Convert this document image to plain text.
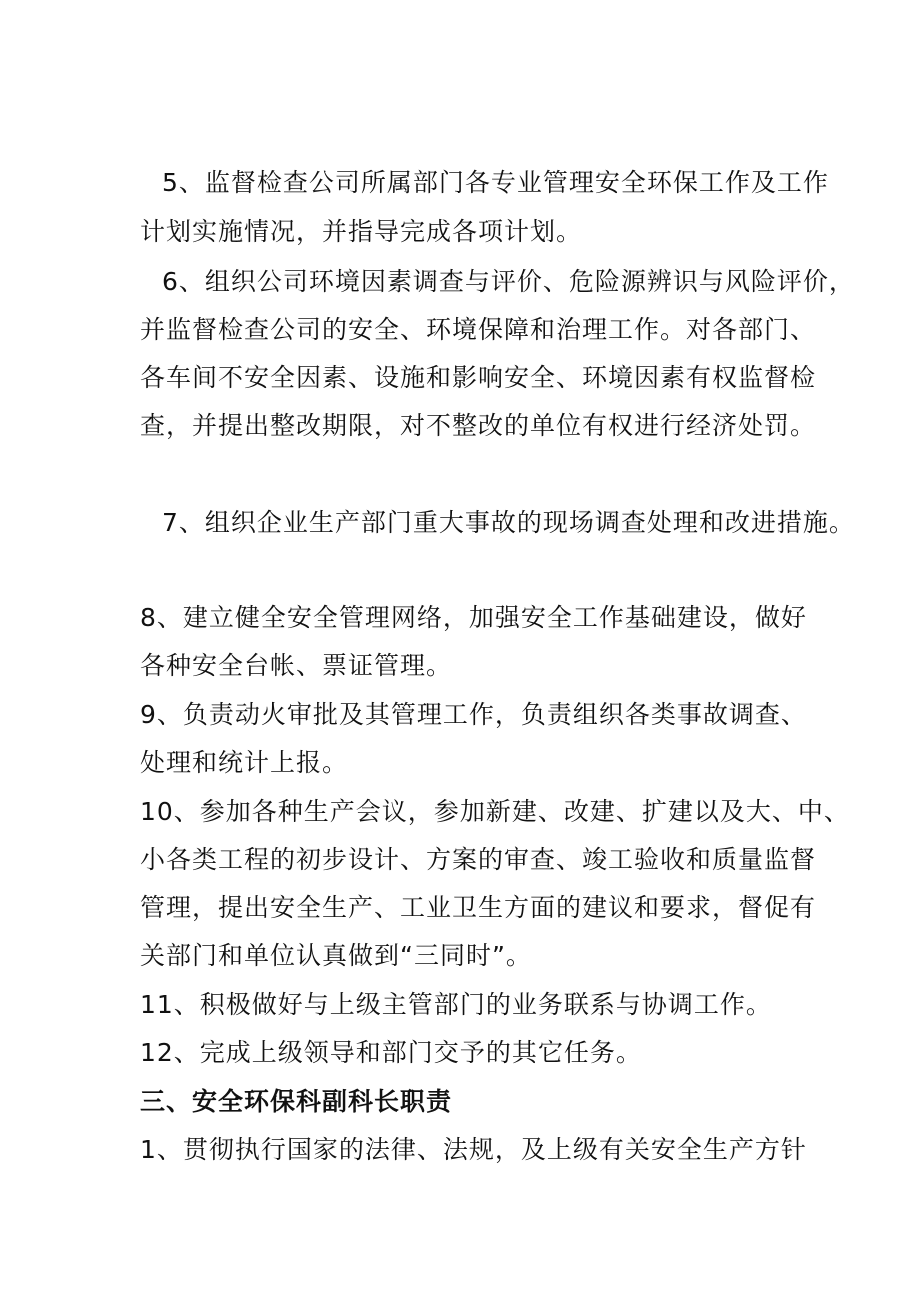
5、监督检查公司所属部门各专业管理安全环保工作及工作
计划实施情况，并指导完成各项计划。
6、组织公司环境因素调查与评价、危险源辨识与风险评价，
并监督检查公司的安全、环境保障和治理工作。对各部门、
各车间不安全因素、设施和影响安全、环境因素有权监督检
查，并提出整改期限，对不整改的单位有权进行经济处罚。
7、组织企业生产部门重大事故的现场调查处理和改进措施。
8、建立健全安全管理网络，加强安全工作基础建设，做好
各种安全台帐、票证管理。
9、负责动火审批及其管理工作，负责组织各类事故调查、
处理和统计上报。
10、参加各种生产会议，参加新建、改建、扩建以及大、中、
小各类工程的初步设计、方案的审查、竣工验收和质量监督
管理，提出安全生产、工业卫生方面的建议和要求，督促有
关部门和单位认真做到“三同时”。
11、积极做好与上级主管部门的业务联系与协调工作。
12、完成上级领导和部门交予的其它任务。
三、安全环保科副科长职责
1、贯彻执行国家的法律、法规，及上级有关安全生产方针
